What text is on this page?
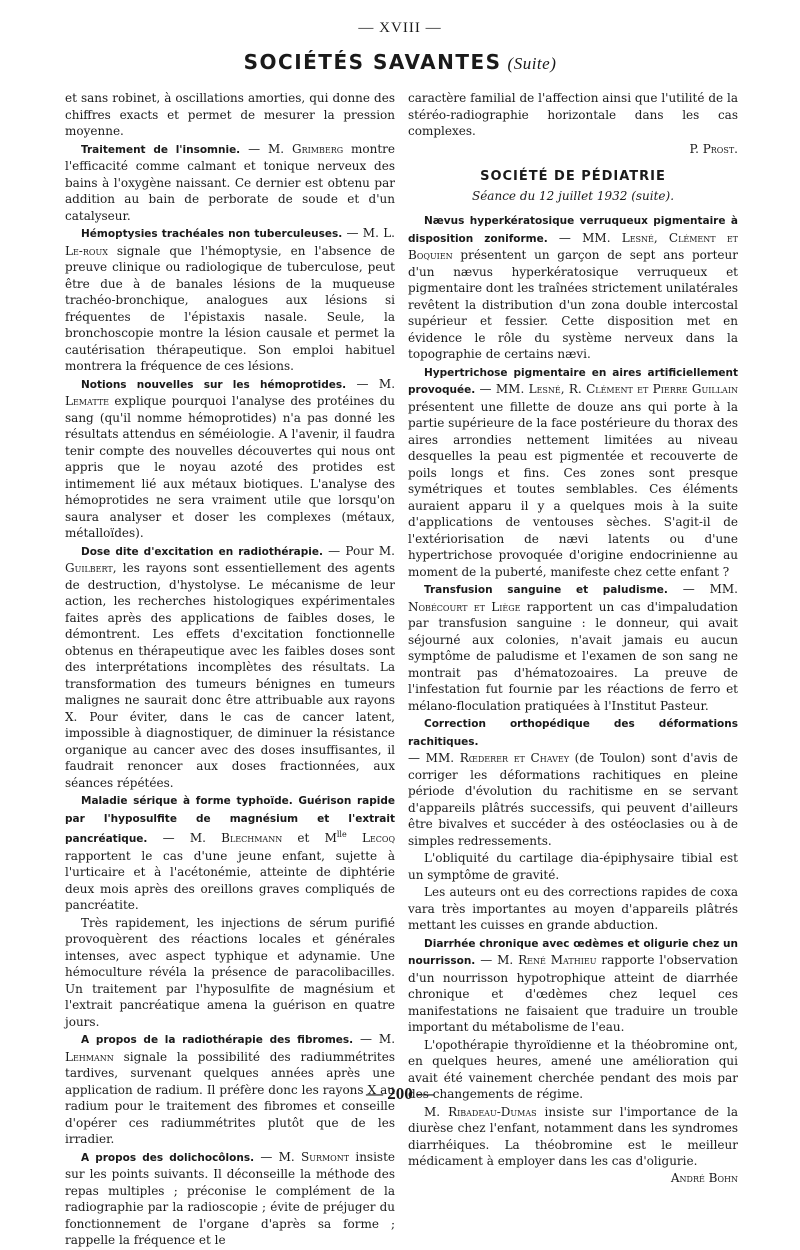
— XVIII —
SOCIÉTÉS SAVANTES (Suite)

et sans robinet, à oscillations amorties, qui donne des chiffres exacts et permet de mesurer la pression moyenne.

Traitement de l'insomnie. — M. Grimberg montre l'efficacité comme calmant et tonique nerveux des bains à l'oxygène naissant. Ce dernier est obtenu par addition au bain de perborate de soude et d'un catalyseur.

Hémoptysies trachéales non tuberculeuses. — M. L. Le-roux signale que l'hémoptysie, en l'absence de preuve clinique ou radiologique de tuberculose, peut être due à de banales lésions de la muqueuse trachéo-bronchique, analogues aux lésions si fréquentes de l'épistaxis nasale. Seule, la bronchoscopie montre la lésion causale et permet la cautérisation thérapeutique. Son emploi habituel montrera la fréquence de ces lésions.

Notions nouvelles sur les hémoprotides. — M. Lematte explique pourquoi l'analyse des protéines du sang (qu'il nomme hémoprotides) n'a pas donné les résultats attendus en séméiologie. A l'avenir, il faudra tenir compte des nouvelles découvertes qui nous ont appris que le noyau azoté des protides est intimement lié aux métaux biotiques. L'analyse des hémoprotides ne sera vraiment utile que lorsqu'on saura analyser et doser les complexes (métaux, métalloïdes).

Dose dite d'excitation en radiothérapie. — Pour M. Guilbert, les rayons sont essentiellement des agents de destruction, d'hystolyse. Le mécanisme de leur action, les recherches histologiques expérimentales faites après des applications de faibles doses, le démontrent. Les effets d'excitation fonctionnelle obtenus en thérapeutique avec les faibles doses sont des interprétations incomplètes des résultats. La transformation des tumeurs bénignes en tumeurs malignes ne saurait donc être attribuable aux rayons X. Pour éviter, dans le cas de cancer latent, impossible à diagnostiquer, de diminuer la résistance organique au cancer avec des doses insuffisantes, il faudrait renoncer aux doses fractionnées, aux séances répétées.

Maladie sérique à forme typhoïde. Guérison rapide par l'hyposulfite de magnésium et l'extrait pancréatique. — M. Blechmann et $M^{lle}$ Lecoq rapportent le cas d'une jeune enfant, sujette à l'urticaire et à l'acétonémie, atteinte de diphtérie deux mois après des oreillons graves compliqués de pancréatite.

Très rapidement, les injections de sérum purifié provoquèrent des réactions locales et générales intenses, avec aspect typhique et adynamie. Une hémoculture révéla la présence de paracolibacilles. Un traitement par l'hyposulfite de magnésium et l'extrait pancréatique amena la guérison en quatre jours.

A propos de la radiothérapie des fibromes. — M. Lehmann signale la possibilité des radiummétrites tardives, survenant quelques années après une application de radium. Il préfère donc les rayons X au radium pour le traitement des fibromes et conseille d'opérer ces radiummétrites plutôt que de les irradier.

A propos des dolichocôlons. — M. Surmont insiste sur les points suivants. Il déconseille la méthode des repas multiples ; préconise le complément de la radiographie par la radioscopie ; évite de préjuger du fonctionnement de l'organe d'après sa forme ; rappelle la fréquence et le

caractère familial de l'affection ainsi que l'utilité de la stéréo-radiographie horizontale dans les cas complexes.

P. Prost.

SOCIÉTÉ DE PÉDIATRIE
Séance du 12 juillet 1932 (suite).

Nævus hyperkératosique verruqueux pigmentaire à disposition zoniforme. — MM. Lesné, Clément et Boquien présentent un garçon de sept ans porteur d'un nævus hyperkératosique verruqueux et pigmentaire dont les traînées strictement unilatérales revêtent la distribution d'un zona double intercostal supérieur et fessier. Cette disposition met en évidence le rôle du système nerveux dans la topographie de certains nævi.

Hypertrichose pigmentaire en aires artificiellement provoquée. — MM. Lesné, R. Clément et Pierre Guillain présentent une fillette de douze ans qui porte à la partie supérieure de la face postérieure du thorax des aires arrondies nettement limitées au niveau desquelles la peau est pigmentée et recouverte de poils longs et fins. Ces zones sont presque symétriques et toutes semblables. Ces éléments auraient apparu il y a quelques mois à la suite d'applications de ventouses sèches. S'agit-il de l'extériorisation de nævi latents ou d'une hypertrichose provoquée d'origine endocrinienne au moment de la puberté, manifeste chez cette enfant ?

Transfusion sanguine et paludisme. — MM. Nobécourt et Liège rapportent un cas d'impaludation par transfusion sanguine : le donneur, qui avait séjourné aux colonies, n'avait jamais eu aucun symptôme de paludisme et l'examen de son sang ne montrait pas d'hématozoaires. La preuve de l'infestation fut fournie par les réactions de ferro et mélano-floculation pratiquées à l'Institut Pasteur.

Correction orthopédique des déformations rachitiques.
— MM. Rœderer et Chavey (de Toulon) sont d'avis de corriger les déformations rachitiques en pleine période d'évolution du rachitisme en se servant d'appareils plâtrés successifs, qui peuvent d'ailleurs être bivalves et succéder à des ostéoclasies ou à de simples redressements.

L'obliquité du cartilage dia-épiphysaire tibial est un symptôme de gravité.

Les auteurs ont eu des corrections rapides de coxa vara très importantes au moyen d'appareils plâtrés mettant les cuisses en grande abduction.

Diarrhée chronique avec œdèmes et oligurie chez un nourrisson. — M. René Mathieu rapporte l'observation d'un nourrisson hypotrophique atteint de diarrhée chronique et d'œdèmes chez lequel ces manifestations ne faisaient que traduire un trouble important du métabolisme de l'eau.

L'opothérapie thyroïdienne et la théobromine ont, en quelques heures, amené une amélioration qui avait été vainement cherchée pendant des mois par des changements de régime.

M. Ribadeau-Dumas insiste sur l'importance de la diurèse chez l'enfant, notamment dans les syndromes diarrhéiques. La théobromine est le meilleur médicament à employer dans les cas d'oligurie.
André Bohn

— 200 —
